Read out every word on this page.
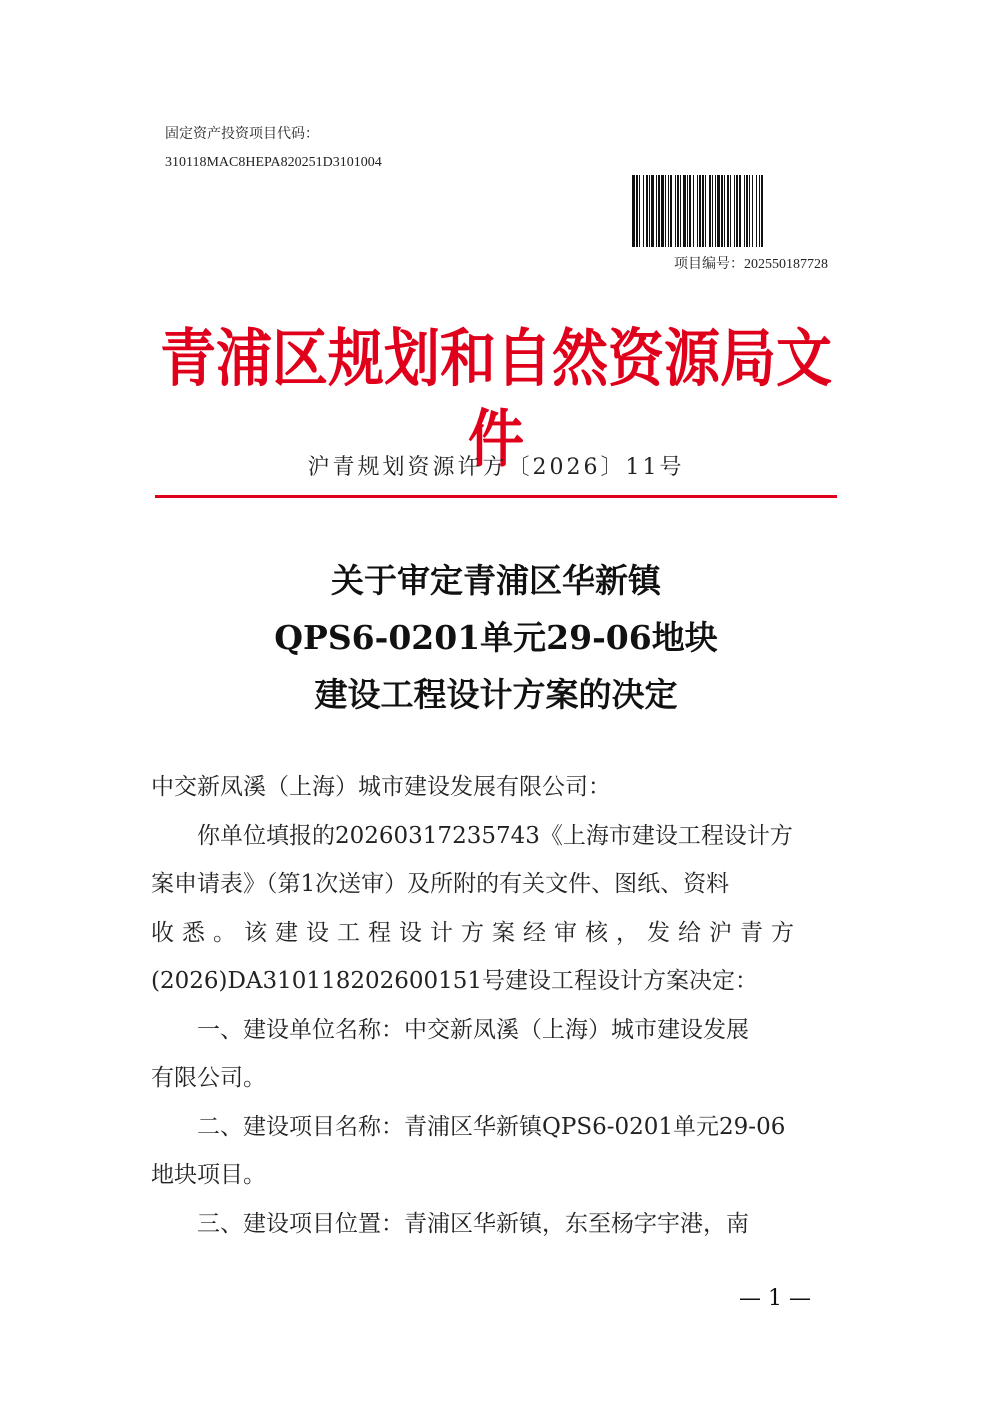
固定资产投资项目代码：
310118MAC8HEPA820251D3101004
项目编号：202550187728
青浦区规划和自然资源局文件
沪青规划资源许方〔2026〕11号
关于审定青浦区华新镇
QPS6-0201单元29-06地块
建设工程设计方案的决定

中交新凤溪（上海）城市建设发展有限公司：

你单位填报的20260317235743《上海市建设工程设计方

案申请表》（第1次送审）及所附的有关文件、图纸、资料

收悉。该建设工程设计方案经审核，发给沪青方

(2026)DA310118202600151号建设工程设计方案决定：

一、建设单位名称：中交新凤溪（上海）城市建设发展

有限公司。

二、建设项目名称：青浦区华新镇QPS6-0201单元29-06

地块项目。

三、建设项目位置：青浦区华新镇，东至杨字宇港，南

— 1 —
